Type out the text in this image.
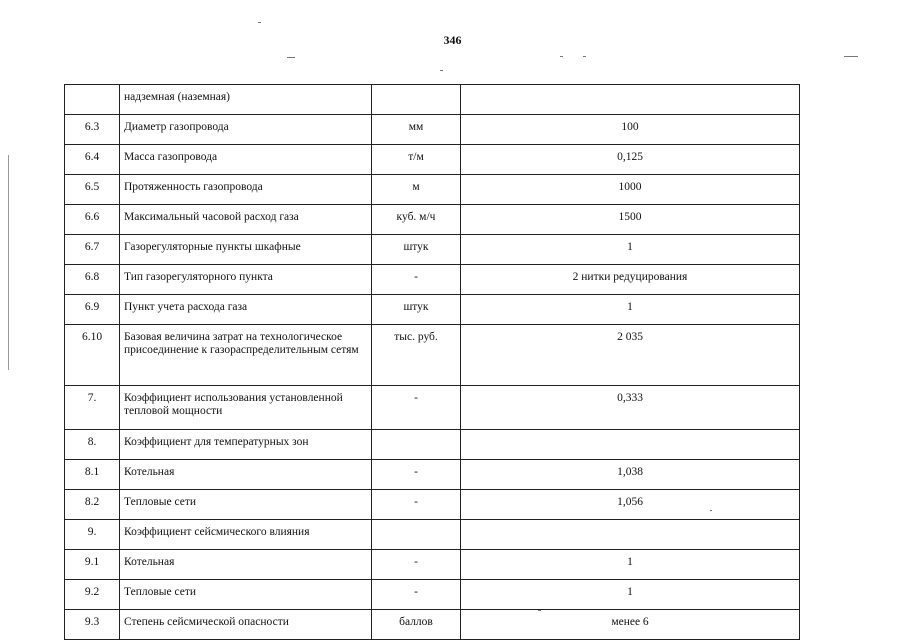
346
	надземная (наземная)		
6.3	Диаметр газопровода	мм	100
6.4	Масса газопровода	т/м	0,125
6.5	Протяженность газопровода	м	1000
6.6	Максимальный часовой расход газа	куб. м/ч	1500
6.7	Газорегуляторные пункты шкафные	штук	1
6.8	Тип газорегуляторного пункта	-	2 нитки редуцирования
6.9	Пункт учета расхода газа	штук	1
6.10	Базовая величина затрат на технологическое присоединение к газораспределительным сетям	тыс. руб.	2 035
7.	Коэффициент использования установленной тепловой мощности	-	0,333
8.	Коэффициент для температурных зон		
8.1	Котельная	-	1,038
8.2	Тепловые сети	-	1,056
9.	Коэффициент сейсмического влияния		
9.1	Котельная	-	1
9.2	Тепловые сети	-	1
9.3	Степень сейсмической опасности	баллов	менее 6
